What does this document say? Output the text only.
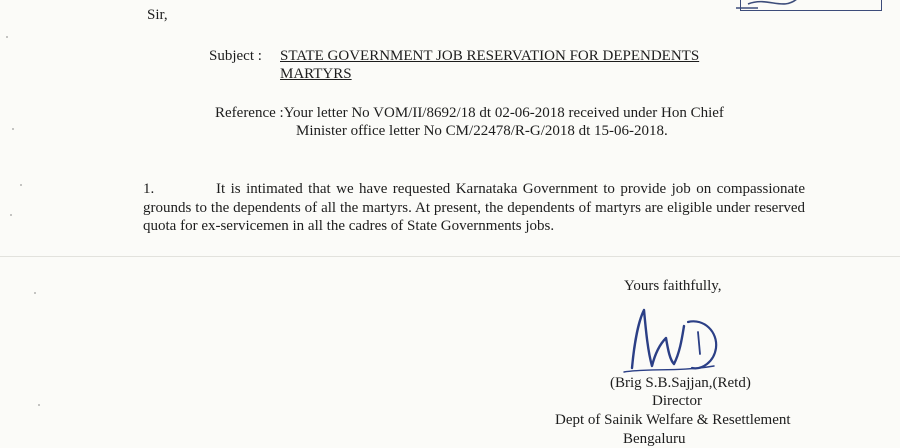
Sir,
Subject : STATE GOVERNMENT JOB RESERVATION FOR DEPENDENTS
MARTYRS
Reference :Your letter No VOM/II/8692/18 dt 02-06-2018 received under Hon Chief
Minister office letter No CM/22478/R-G/2018 dt 15-06-2018.
1.	It is intimated that we have requested Karnataka Government to provide job on compassionate grounds to the dependents of all the martyrs. At present, the dependents of martyrs are eligible under reserved quota for ex-servicemen in all the cadres of State Governments jobs.
Yours faithfully,
(Brig S.B.Sajjan,(Retd)
Director
Dept of Sainik Welfare & Resettlement
Bengaluru
